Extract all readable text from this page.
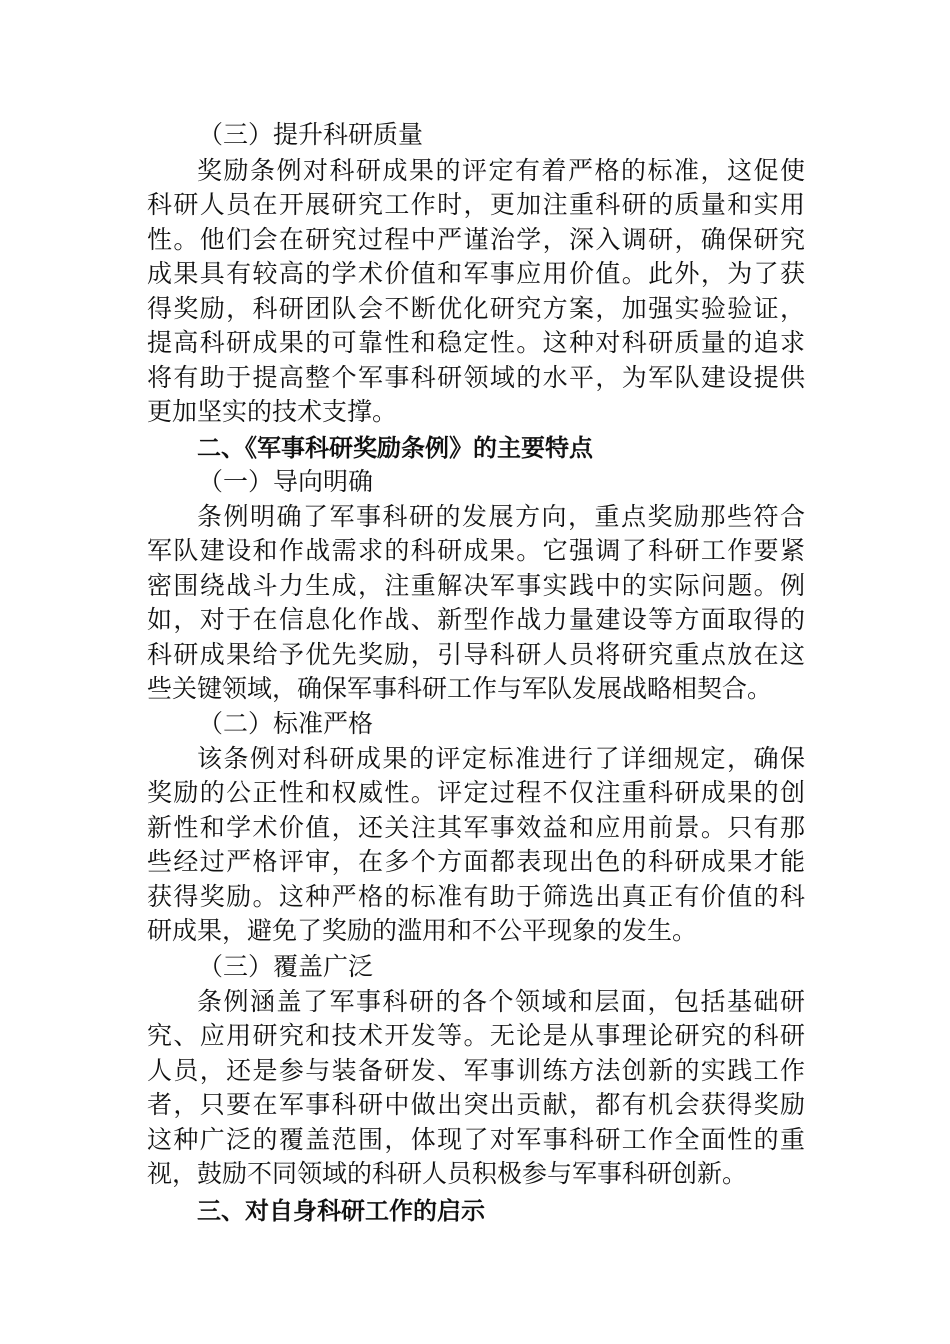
（三）提升科研质量
奖励条例对科研成果的评定有着严格的标准，这促使
科研人员在开展研究工作时，更加注重科研的质量和实用
性。他们会在研究过程中严谨治学，深入调研，确保研究
成果具有较高的学术价值和军事应用价值。此外，为了获
得奖励，科研团队会不断优化研究方案，加强实验验证，
提高科研成果的可靠性和稳定性。这种对科研质量的追求
将有助于提高整个军事科研领域的水平，为军队建设提供
更加坚实的技术支撑。
二、《军事科研奖励条例》的主要特点
（一）导向明确
条例明确了军事科研的发展方向，重点奖励那些符合
军队建设和作战需求的科研成果。它强调了科研工作要紧
密围绕战斗力生成，注重解决军事实践中的实际问题。例
如，对于在信息化作战、新型作战力量建设等方面取得的
科研成果给予优先奖励，引导科研人员将研究重点放在这
些关键领域，确保军事科研工作与军队发展战略相契合。
（二）标准严格
该条例对科研成果的评定标准进行了详细规定，确保
奖励的公正性和权威性。评定过程不仅注重科研成果的创
新性和学术价值，还关注其军事效益和应用前景。只有那
些经过严格评审，在多个方面都表现出色的科研成果才能
获得奖励。这种严格的标准有助于筛选出真正有价值的科
研成果，避免了奖励的滥用和不公平现象的发生。
（三）覆盖广泛
条例涵盖了军事科研的各个领域和层面，包括基础研
究、应用研究和技术开发等。无论是从事理论研究的科研
人员，还是参与装备研发、军事训练方法创新的实践工作
者，只要在军事科研中做出突出贡献，都有机会获得奖励
这种广泛的覆盖范围，体现了对军事科研工作全面性的重
视，鼓励不同领域的科研人员积极参与军事科研创新。
三、对自身科研工作的启示
